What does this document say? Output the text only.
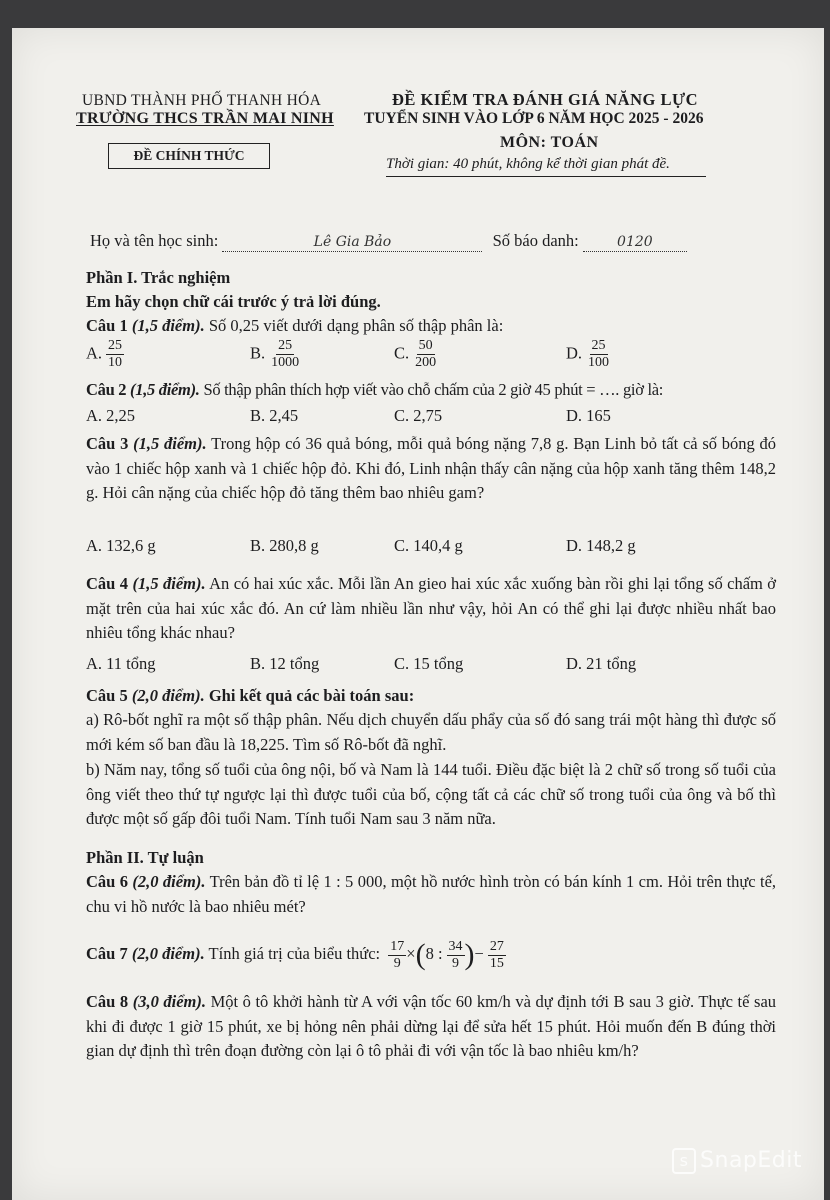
UBND THÀNH PHỐ THANH HÓA
TRƯỜNG THCS TRẦN MAI NINH
ĐỀ KIỂM TRA ĐÁNH GIÁ NĂNG LỰC
TUYỂN SINH VÀO LỚP 6 NĂM HỌC 2025 - 2026
MÔN: TOÁN
ĐỀ CHÍNH THỨC
Thời gian: 40 phút, không kể thời gian phát đề.
Họ và tên học sinh:	Lê Gia Bảo	Số báo danh:	0120
Phần I. Trắc nghiệm
Em hãy chọn chữ cái trước ý trả lời đúng.
Câu 1 (1,5 điểm). Số 0,25 viết dưới dạng phân số thập phân là:
A. $\frac{25}{10}$	B. $\frac{25}{1000}$	C. $\frac{50}{200}$	D. $\frac{25}{100}$
Câu 2 (1,5 điểm). Số thập phân thích hợp viết vào chỗ chấm của 2 giờ 45 phút = …. giờ là:
A. 2,25	B. 2,45	C. 2,75	D. 165
Câu 3 (1,5 điểm). Trong hộp có 36 quả bóng, mỗi quả bóng nặng 7,8 g. Bạn Linh bỏ tất cả số bóng đó vào 1 chiếc hộp xanh và 1 chiếc hộp đỏ. Khi đó, Linh nhận thấy cân nặng của hộp xanh tăng thêm 148,2 g. Hỏi cân nặng của chiếc hộp đỏ tăng thêm bao nhiêu gam?
A. 132,6 g	B. 280,8 g	C. 140,4 g	D. 148,2 g
Câu 4 (1,5 điểm). An có hai xúc xắc. Mỗi lần An gieo hai xúc xắc xuống bàn rồi ghi lại tổng số chấm ở mặt trên của hai xúc xắc đó. An cứ làm nhiều lần như vậy, hỏi An có thể ghi lại được nhiều nhất bao nhiêu tổng khác nhau?
A. 11 tổng	B. 12 tổng	C. 15 tổng	D. 21 tổng
Câu 5 (2,0 điểm). Ghi kết quả các bài toán sau:
a) Rô-bốt nghĩ ra một số thập phân. Nếu dịch chuyển dấu phẩy của số đó sang trái một hàng thì được số mới kém số ban đầu là 18,225. Tìm số Rô-bốt đã nghĩ.
b) Năm nay, tổng số tuổi của ông nội, bố và Nam là 144 tuổi. Điều đặc biệt là 2 chữ số trong số tuổi của ông viết theo thứ tự ngược lại thì được tuổi của bố, cộng tất cả các chữ số trong tuổi của ông và bố thì được một số gấp đôi tuổi Nam. Tính tuổi Nam sau 3 năm nữa.
Phần II. Tự luận
Câu 6 (2,0 điểm). Trên bản đồ tỉ lệ 1 : 5 000, một hồ nước hình tròn có bán kính 1 cm. Hỏi trên thực tế, chu vi hồ nước là bao nhiêu mét?
Câu 7 (2,0 điểm). Tính giá trị của biểu thức: $\frac{17}{9} \times(8$ : $\frac{34}{9}$ )− $\frac{27}{15}$
Câu 8 (3,0 điểm). Một ô tô khởi hành từ A với vận tốc 60 km/h và dự định tới B sau 3 giờ. Thực tế sau khi đi được 1 giờ 15 phút, xe bị hỏng nên phải dừng lại để sửa hết 15 phút. Hỏi muốn đến B đúng thời gian dự định thì trên đoạn đường còn lại ô tô phải đi với vận tốc là bao nhiêu km/h?
s SnapEdit
